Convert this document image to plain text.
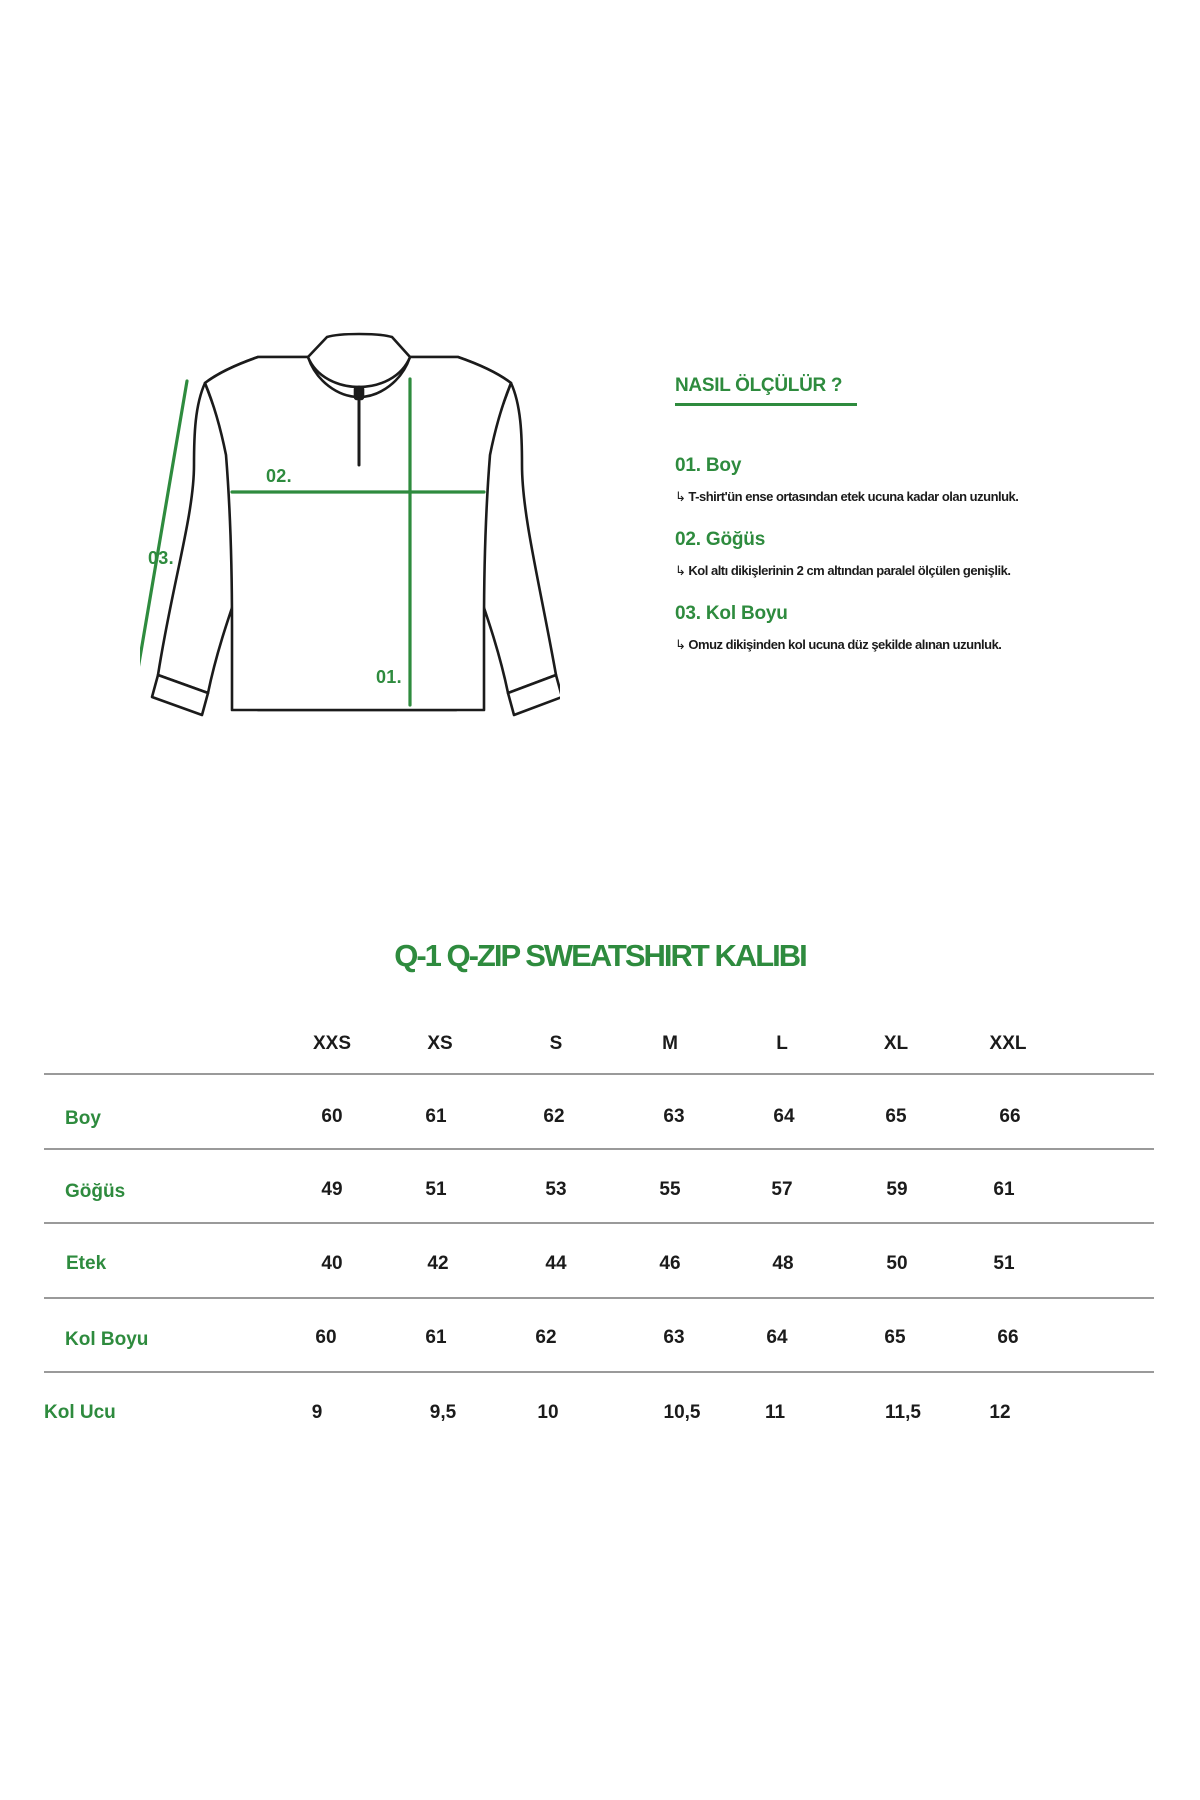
02.
03.
01.
NASIL ÖLÇÜLÜR ?
01. Boy
↳ T-shirt'ün ense ortasından etek ucuna kadar olan uzunluk.
02. Göğüs
↳ Kol altı dikişlerinin 2 cm altından paralel ölçülen genişlik.
03. Kol Boyu
↳ Omuz dikişinden kol ucuna düz şekilde alınan uzunluk.
Q-1 Q-ZIP SWEATSHIRT KALIBI
XXS	XS	S	M	L	XL	XXL
Boy	60	61	62	63	64	65	66
Göğüs	49	51	53	55	57	59	61
Etek	40	42	44	46	48	50	51
Kol Boyu	60	61	62	63	64	65	66
Kol Ucu	9	9,5	10	10,5	11	11,5	12
